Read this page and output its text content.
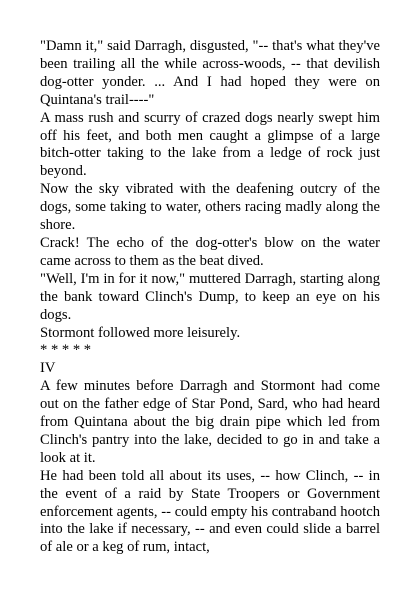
"Damn it," said Darragh, disgusted, "-- that's what they've been trailing all the while across-woods, -- that devilish dog-otter yonder. ... And I had hoped they were on Quintana's trail----"

A mass rush and scurry of crazed dogs nearly swept him off his feet, and both men caught a glimpse of a large bitch-otter taking to the lake from a ledge of rock just beyond.

Now the sky vibrated with the deafening outcry of the dogs, some taking to water, others racing madly along the shore.

Crack! The echo of the dog-otter's blow on the water came across to them as the beat dived.

"Well, I'm in for it now," muttered Darragh, starting along the bank toward Clinch's Dump, to keep an eye on his dogs.

Stormont followed more leisurely.

* * * * *

IV

A few minutes before Darragh and Stormont had come out on the father edge of Star Pond, Sard, who had heard from Quintana about the big drain pipe which led from Clinch's pantry into the lake, decided to go in and take a look at it.

He had been told all about its uses, -- how Clinch, -- in the event of a raid by State Troopers or Government enforcement agents, -- could empty his contraband hootch into the lake if necessary, -- and even could slide a barrel of ale or a keg of rum, intact,
